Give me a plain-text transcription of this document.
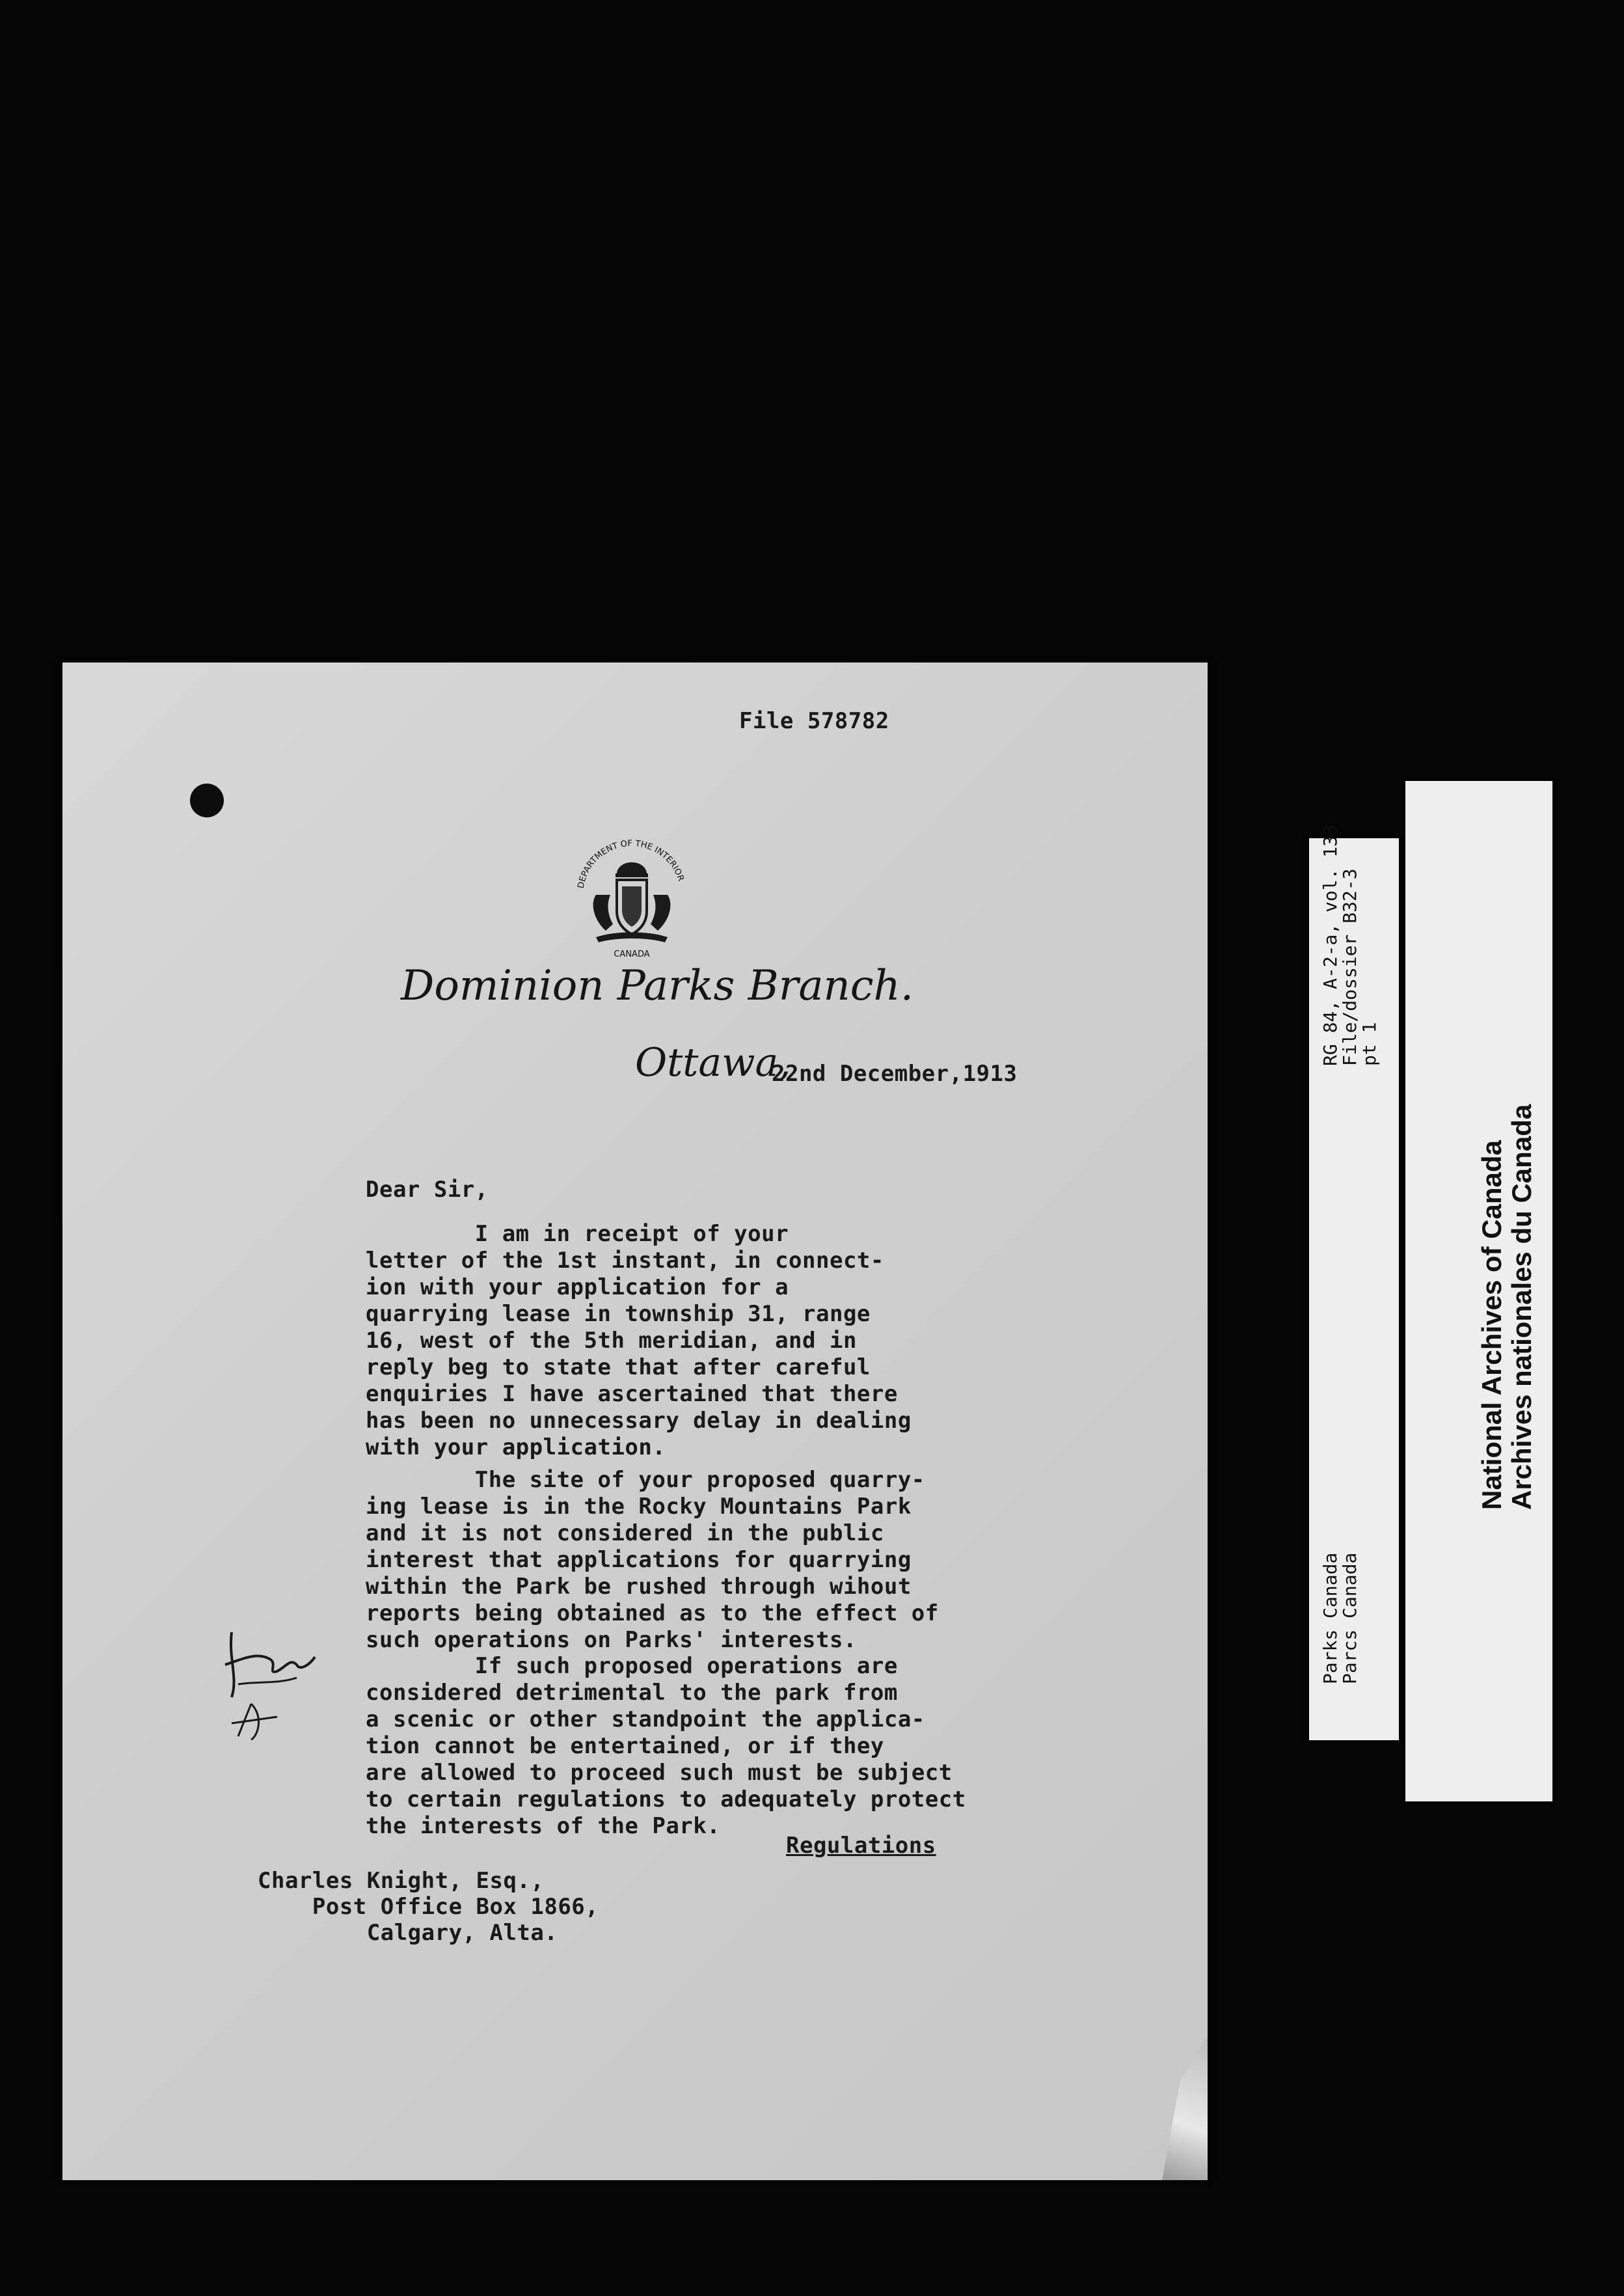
File 578782
DEPARTMENT OF THE INTERIOR
CANADA
Dominion Parks Branch.
Ottawa,
22nd December,1913
Dear Sir,
I am in receipt of your
letter of the 1st instant, in connect-
ion with your application for a
quarrying lease in township 31, range
16, west of the 5th meridian, and in
reply beg to state that after careful
enquiries I have ascertained that there
has been no unnecessary delay in dealing
with your application.
The site of your proposed quarry-
ing lease is in the Rocky Mountains Park
and it is not considered in the public
interest that applications for quarrying
within the Park be rushed through wihout
reports being obtained as to the effect of
such operations on Parks' interests.
If such proposed operations are
considered detrimental to the park from
a scenic or other standpoint the applica-
tion cannot be entertained, or if they
are allowed to proceed such must be subject
to certain regulations to adequately protect
the interests of the Park.
Regulations
Charles Knight, Esq.,
Post Office Box 1866,
Calgary, Alta.
RG 84, A-2-a, vol. 133
File/dossier B32-3
pt 1
Parks Canada
Parcs Canada
National Archives of Canada
Archives nationales du Canada
